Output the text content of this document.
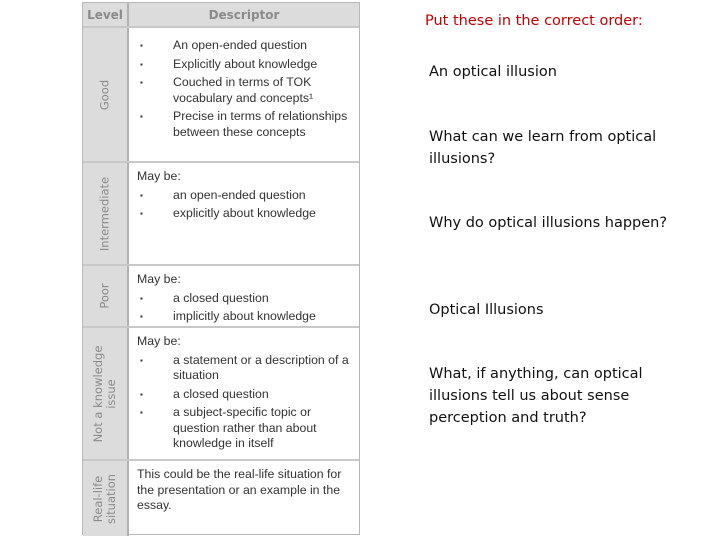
Level	Descriptor
Good
▪ An open-ended question
▪ Explicitly about knowledge
▪ Couched in terms of TOK vocabulary and concepts¹
▪ Precise in terms of relationships between these concepts
Intermediate
May be:
▪ an open-ended question
▪ explicitly about knowledge
Poor
May be:
▪ a closed question
▪ implicitly about knowledge
Not a knowledge issue
May be:
▪ a statement or a description of a situation
▪ a closed question
▪ a subject-specific topic or question rather than about knowledge in itself
Real-life situation This could be the real-life situation for the presentation or an example in the essay.
Put these in the correct order:
An optical illusion
What can we learn from optical illusions?
Why do optical illusions happen?
Optical Illusions
What, if anything, can optical illusions tell us about sense perception and truth?
